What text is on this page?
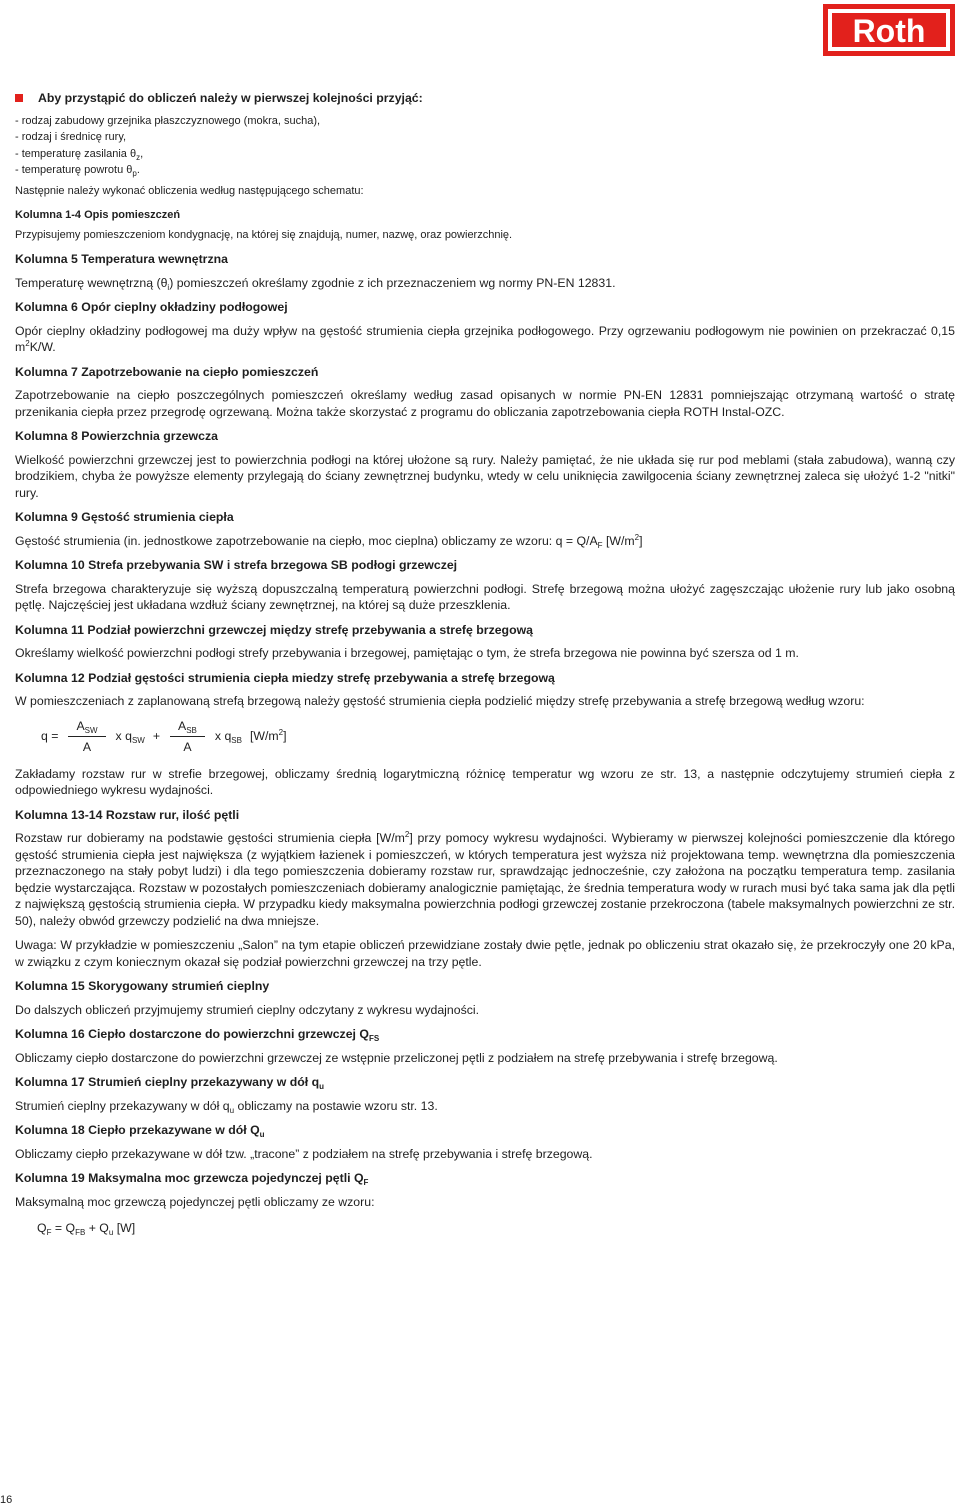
Roth

Aby przystąpić do obliczeń należy w pierwszej kolejności przyjąć:

- rodzaj zabudowy grzejnika płaszczyznowego (mokra, sucha),

- rodzaj i średnicę rury,

- temperaturę zasilania $\theta_z$,

- temperaturę powrotu $\theta_p$.

Następnie należy wykonać obliczenia według następującego schematu:

Kolumna 1-4 Opis pomieszczeń

Przypisujemy pomieszczeniom kondygnację, na której się znajdują, numer, nazwę, oraz powierzchnię.

Kolumna 5 Temperatura wewnętrzna

Temperaturę wewnętrzną $(\theta_i)$ pomieszczeń określamy zgodnie z ich przeznaczeniem wg normy PN-EN 12831.

Kolumna 6 Opór cieplny okładziny podłogowej

Opór cieplny okładziny podłogowej ma duży wpływ na gęstość strumienia ciepła grzejnika podłogowego. Przy ogrzewaniu podłogowym nie powinien on przekraczać 0,15 $m^2K/W$.

Kolumna 7 Zapotrzebowanie na ciepło pomieszczeń

Zapotrzebowanie na ciepło poszczególnych pomieszczeń określamy według zasad opisanych w normie PN-EN 12831 pomniejszając otrzymaną wartość o stratę przenikania ciepła przez przegrodę ogrzewaną. Można także skorzystać z programu do obliczania zapotrzebowania ciepła ROTH Instal-OZC.

Kolumna 8 Powierzchnia grzewcza

Wielkość powierzchni grzewczej jest to powierzchnia podłogi na której ułożone są rury. Należy pamiętać, że nie układa się rur pod meblami (stała zabudowa), wanną czy brodzikiem, chyba że powyższe elementy przylegają do ściany zewnętrznej budynku, wtedy w celu uniknięcia zawilgocenia ściany zewnętrznej zaleca się ułożyć 1-2 "nitki" rury.

Kolumna 9 Gęstość strumienia ciepła

Gęstość strumienia (in. jednostkowe zapotrzebowanie na ciepło, moc cieplna) obliczamy ze wzoru: $q = Q/A_F$ $[W/m^2]$

Kolumna 10 Strefa przebywania SW i strefa brzegowa SB podłogi grzewczej

Strefa brzegowa charakteryzuje się wyższą dopuszczalną temperaturą powierzchni podłogi. Strefę brzegową można ułożyć zagęszczając ułożenie rury lub jako osobną pętlę. Najczęściej jest układana wzdłuż ściany zewnętrznej, na której są duże przeszklenia.

Kolumna 11 Podział powierzchni grzewczej między strefę przebywania a strefę brzegową

Określamy wielkość powierzchni podłogi strefy przebywania i brzegowej, pamiętając o tym, że strefa brzegowa nie powinna być szersza od 1 m.

Kolumna 12 Podział gęstości strumienia ciepła miedzy strefę przebywania a strefę brzegową

W pomieszczeniach z zaplanowaną strefą brzegową należy gęstość strumienia ciepła podzielić między strefę przebywania a strefę brzegową według wzoru:

$q = \frac{A_{SW}}{A}$ x $q_{SW} + \frac{A_{SB}}{A}$ x $q_{SB}$ $[W/m^2]$

Zakładamy rozstaw rur w strefie brzegowej, obliczamy średnią logarytmiczną różnicę temperatur wg wzoru ze str. 13, a następnie odczytujemy strumień ciepła z odpowiedniego wykresu wydajności.

Kolumna 13-14 Rozstaw rur, ilość pętli

Rozstaw rur dobieramy na podstawie gęstości strumienia ciepła $[W/m^2]$ przy pomocy wykresu wydajności. Wybieramy w pierwszej kolejności pomieszczenie dla którego gęstość strumienia ciepła jest największa (z wyjątkiem łazienek i pomieszczeń, w których temperatura jest wyższa niż projektowana temp. wewnętrzna dla pomieszczenia przeznaczonego na stały pobyt ludzi) i dla tego pomieszczenia dobieramy rozstaw rur, sprawdzając jednocześnie, czy założona na początku temperatura temp. zasilania będzie wystarczająca. Rozstaw w pozostałych pomieszczeniach dobieramy analogicznie pamiętając, że średnia temperatura wody w rurach musi być taka sama jak dla pętli z największą gęstością strumienia ciepła. W przypadku kiedy maksymalna powierzchnia podłogi grzewczej zostanie przekroczona (tabele maksymalnych powierzchni ze str. 50), należy obwód grzewczy podzielić na dwa mniejsze.

Uwaga: W przykładzie w pomieszczeniu „Salon” na tym etapie obliczeń przewidziane zostały dwie pętle, jednak po obliczeniu strat okazało się, że przekroczyły one 20 kPa, w związku z czym koniecznym okazał się podział powierzchni grzewczej na trzy pętle.

Kolumna 15 Skorygowany strumień cieplny

Do dalszych obliczeń przyjmujemy strumień cieplny odczytany z wykresu wydajności.

Kolumna 16 Ciepło dostarczone do powierzchni grzewczej $Q_{FS}$

Obliczamy ciepło dostarczone do powierzchni grzewczej ze wstępnie przeliczonej pętli z podziałem na strefę przebywania i strefę brzegową.

Kolumna 17 Strumień cieplny przekazywany w dół $q_u$

Strumień cieplny przekazywany w dół $q_u$ obliczamy na postawie wzoru str. 13.

Kolumna 18 Ciepło przekazywane w dół $Q_u$

Obliczamy ciepło przekazywane w dół tzw. „tracone” z podziałem na strefę przebywania i strefę brzegową.

Kolumna 19 Maksymalna moc grzewcza pojedynczej pętli $Q_F$

Maksymalną moc grzewczą pojedynczej pętli obliczamy ze wzoru:

$Q_F = Q_{FB} + Q_u$ [W]

16
